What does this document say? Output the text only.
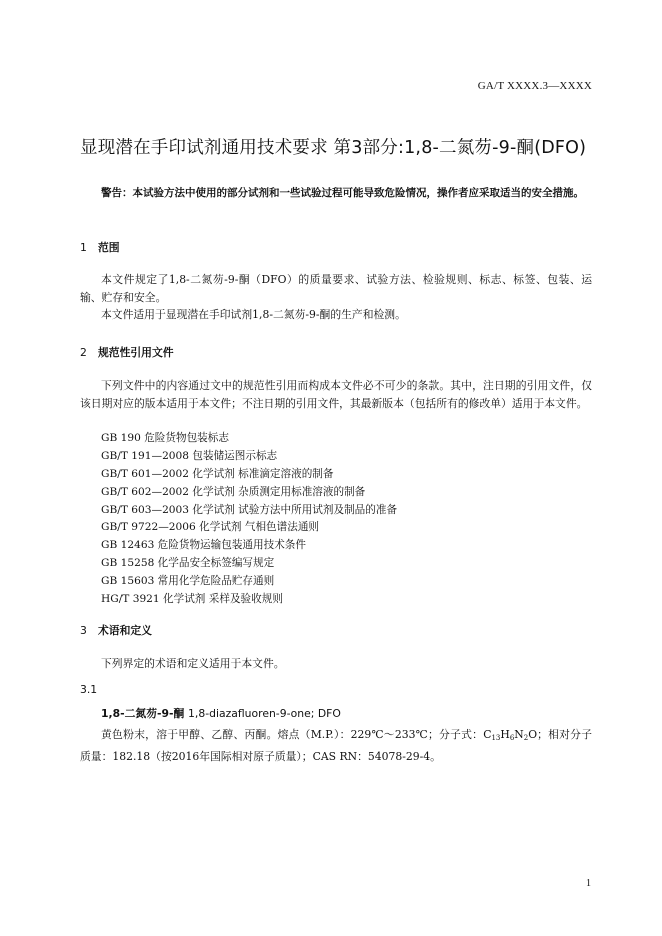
GA/T XXXX.3—XXXX
显现潜在手印试剂通用技术要求 第3部分:1,8-二氮芴-9-酮(DFO)
警告：本试验方法中使用的部分试剂和一些试验过程可能导致危险情况，操作者应采取适当的安全措施。
1 范围
本文件规定了1,8-二氮芴-9-酮（DFO）的质量要求、试验方法、检验规则、标志、标签、包装、运输、贮存和安全。
本文件适用于显现潜在手印试剂1,8-二氮芴-9-酮的生产和检测。
2 规范性引用文件
下列文件中的内容通过文中的规范性引用而构成本文件必不可少的条款。其中，注日期的引用文件，仅该日期对应的版本适用于本文件；不注日期的引用文件，其最新版本（包括所有的修改单）适用于本文件。
GB 190 危险货物包装标志
GB/T 191—2008 包装储运图示标志
GB/T 601—2002 化学试剂 标准滴定溶液的制备
GB/T 602—2002 化学试剂 杂质测定用标准溶液的制备
GB/T 603—2003 化学试剂 试验方法中所用试剂及制品的准备
GB/T 9722—2006 化学试剂 气相色谱法通则
GB 12463 危险货物运输包装通用技术条件
GB 15258 化学品安全标签编写规定
GB 15603 常用化学危险品贮存通则
HG/T 3921 化学试剂 采样及验收规则
3 术语和定义
下列界定的术语和定义适用于本文件。
3.1
1,8-二氮芴-9-酮 1,8-diazafluoren-9-one; DFO
黄色粉末，溶于甲醇、乙醇、丙酮。熔点（M.P.）：229℃～233℃；分子式：$C_{13}H_6N_2O$；相对分子质量：182.18（按2016年国际相对原子质量）；CAS RN：54078-29-4。
1
